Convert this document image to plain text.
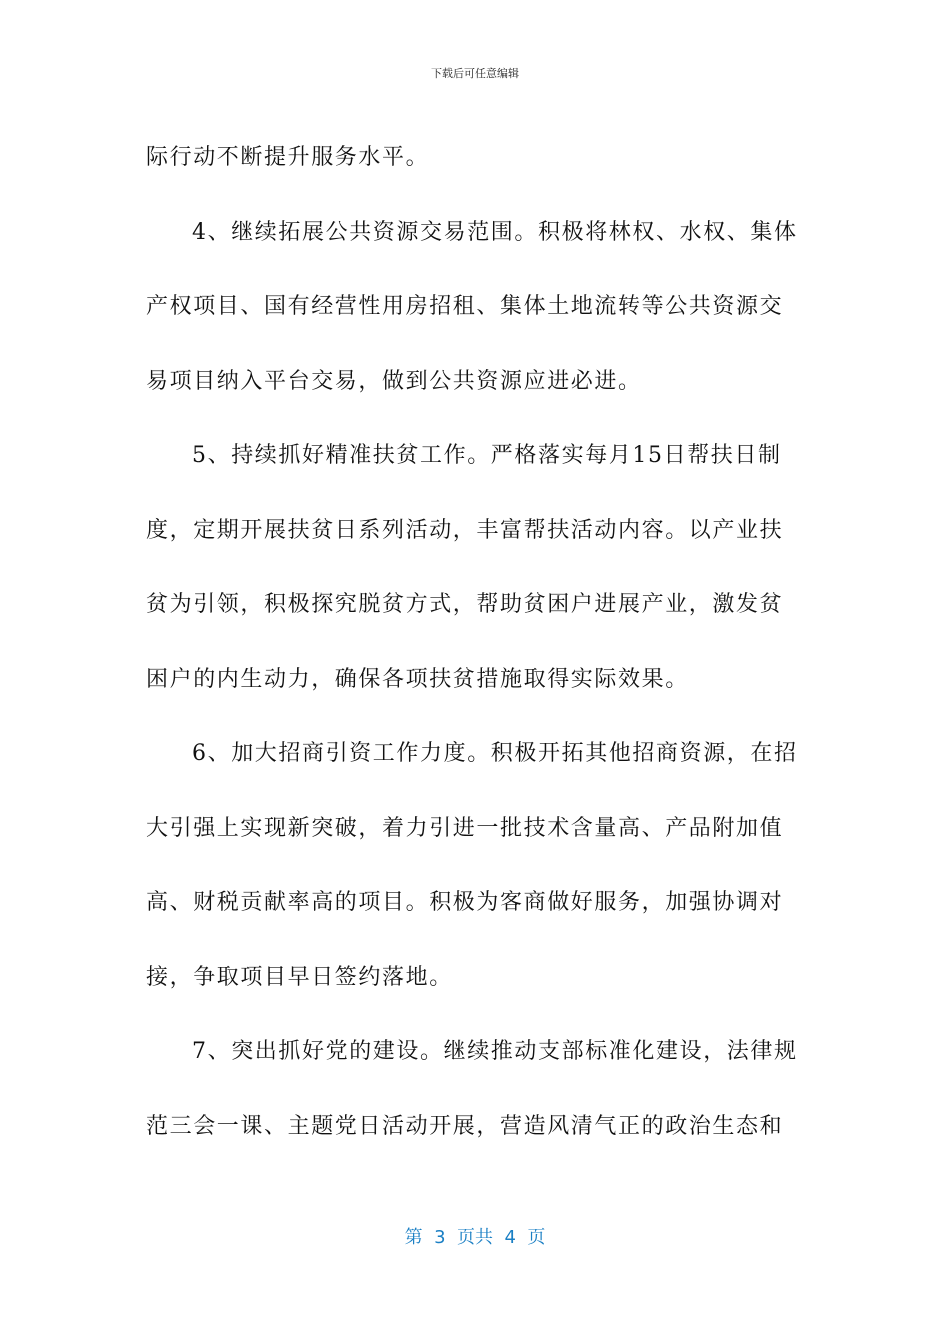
下载后可任意编辑
际行动不断提升服务水平。
4、继续拓展公共资源交易范围。积极将林权、水权、集体
产权项目、国有经营性用房招租、集体土地流转等公共资源交
易项目纳入平台交易，做到公共资源应进必进。
5、持续抓好精准扶贫工作。严格落实每月15日帮扶日制
度，定期开展扶贫日系列活动，丰富帮扶活动内容。以产业扶
贫为引领，积极探究脱贫方式，帮助贫困户进展产业，激发贫
困户的内生动力，确保各项扶贫措施取得实际效果。
6、加大招商引资工作力度。积极开拓其他招商资源，在招
大引强上实现新突破，着力引进一批技术含量高、产品附加值
高、财税贡献率高的项目。积极为客商做好服务，加强协调对
接，争取项目早日签约落地。
7、突出抓好党的建设。继续推动支部标准化建设，法律规
范三会一课、主题党日活动开展，营造风清气正的政治生态和
第  3  页共  4  页
